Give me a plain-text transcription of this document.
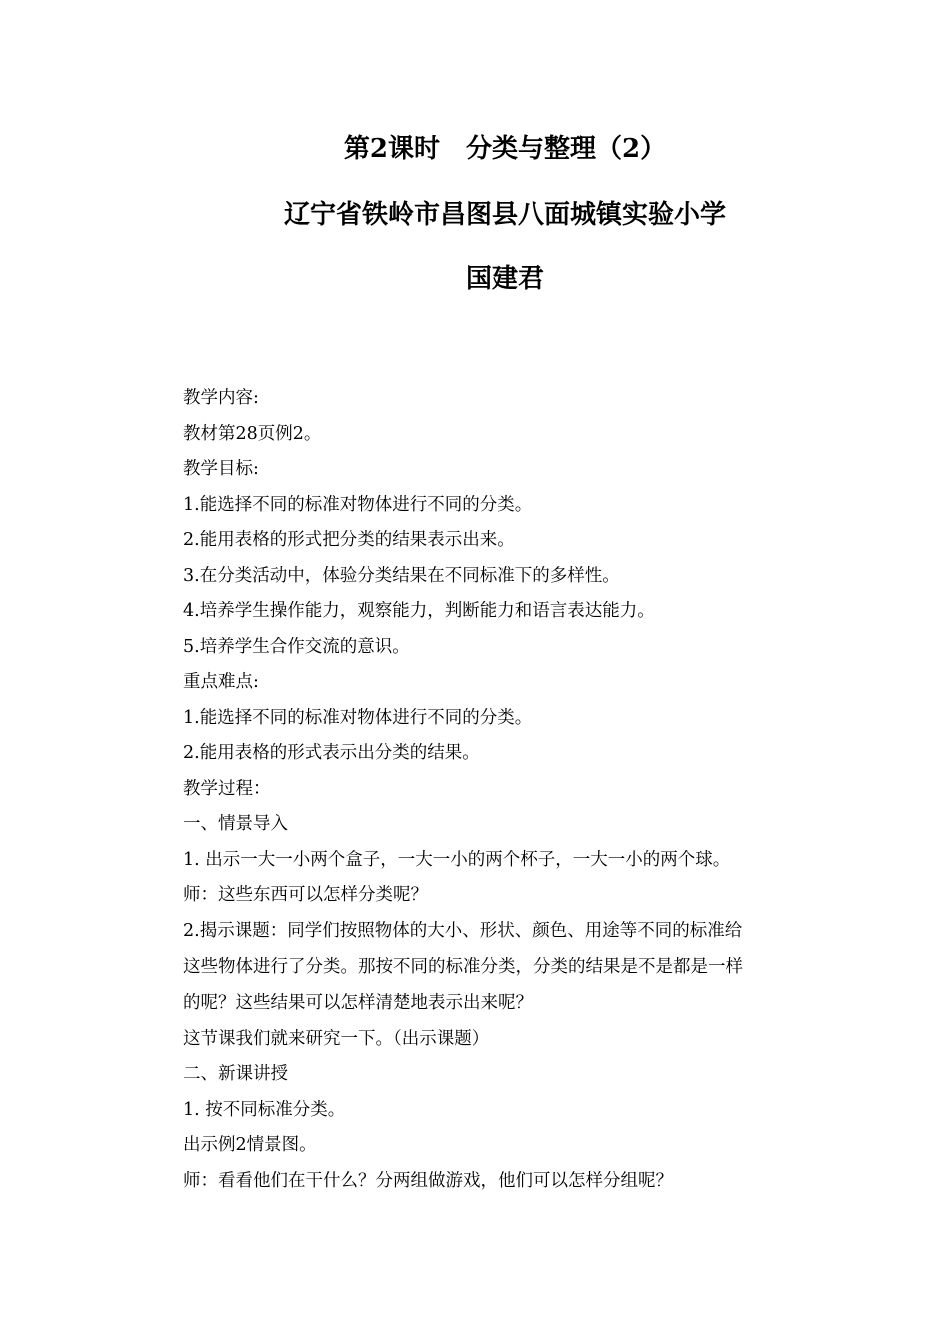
第2课时　分类与整理（2）
辽宁省铁岭市昌图县八面城镇实验小学
国建君
教学内容:
教材第28页例2。
教学目标:
1.能选择不同的标准对物体进行不同的分类。
2.能用表格的形式把分类的结果表示出来。
3.在分类活动中，体验分类结果在不同标准下的多样性。
4.培养学生操作能力，观察能力，判断能力和语言表达能力。
5.培养学生合作交流的意识。
重点难点:
1.能选择不同的标准对物体进行不同的分类。
2.能用表格的形式表示出分类的结果。
教学过程：
一、情景导入
1. 出示一大一小两个盒子，一大一小的两个杯子，一大一小的两个球。
师：这些东西可以怎样分类呢？
2.揭示课题：同学们按照物体的大小、形状、颜色、用途等不同的标准给
这些物体进行了分类。那按不同的标准分类，分类的结果是不是都是一样
的呢？这些结果可以怎样清楚地表示出来呢？
这节课我们就来研究一下。（出示课题）
二、新课讲授
1. 按不同标准分类。
出示例2情景图。
师：看看他们在干什么？分两组做游戏，他们可以怎样分组呢？
